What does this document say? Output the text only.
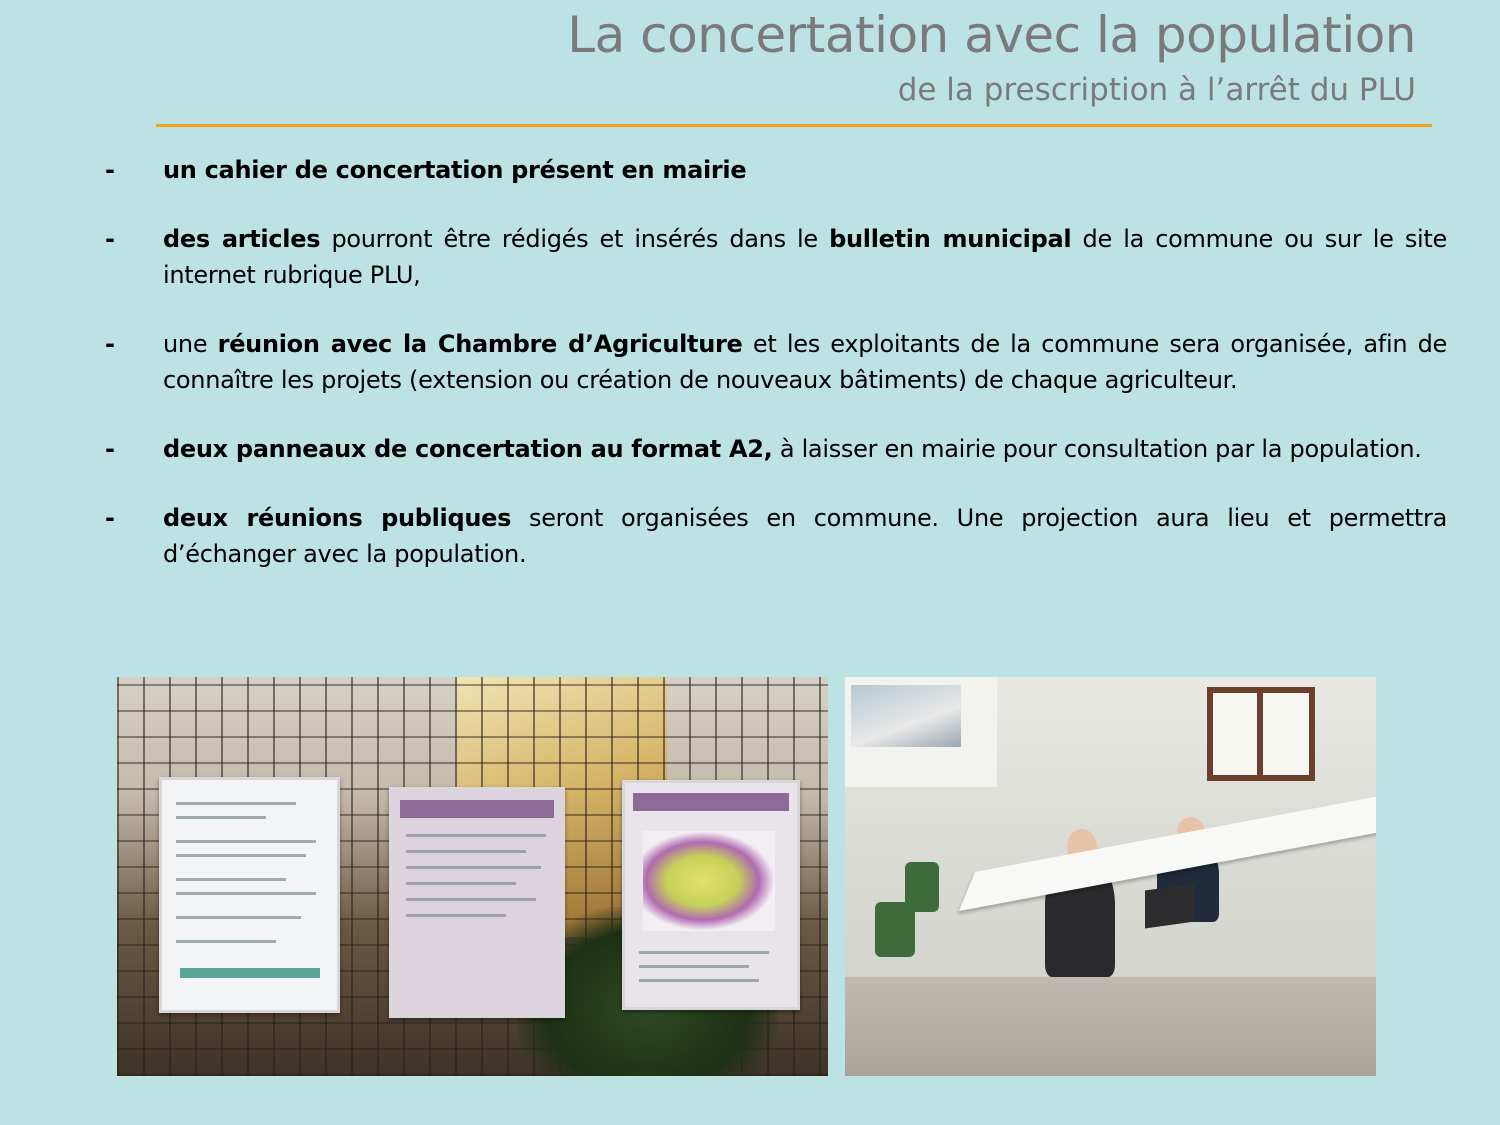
La concertation avec la population
de la prescription à l’arrêt du PLU
- un cahier de concertation présent en mairie
- des articles pourront être rédigés et insérés dans le bulletin municipal de la commune ou sur le site internet rubrique PLU,
- une réunion avec la Chambre d’Agriculture et les exploitants de la commune sera organisée, afin de connaître les projets (extension ou création de nouveaux bâtiments) de chaque agriculteur.
- deux panneaux de concertation au format A2, à laisser en mairie pour consultation par la population.
- deux réunions publiques seront organisées en commune. Une projection aura lieu et permettra d’échanger avec la population.
